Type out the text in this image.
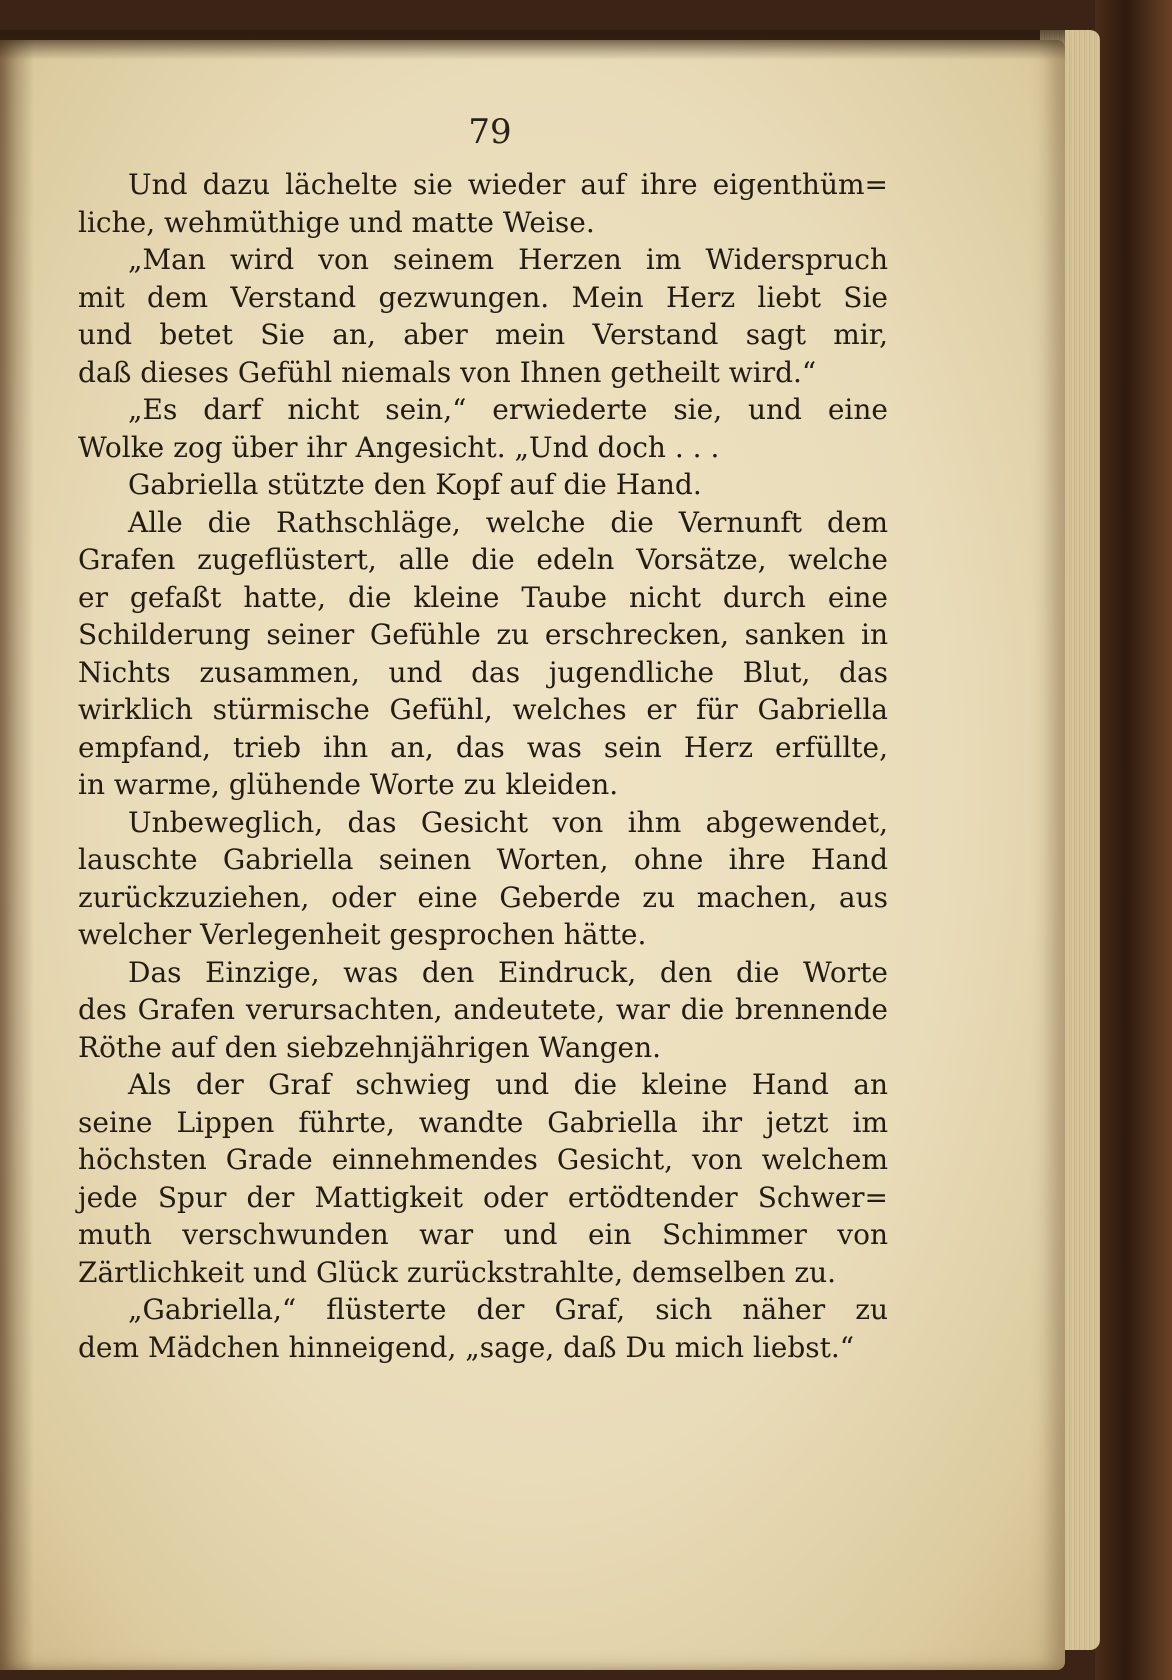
79
Und dazu lächelte sie wieder auf ihre eigenthüm=
liche, wehmüthige und matte Weise.
„Man wird von seinem Herzen im Widerspruch
mit dem Verstand gezwungen. Mein Herz liebt Sie
und betet Sie an, aber mein Verstand sagt mir,
daß dieses Gefühl niemals von Ihnen getheilt wird.“
„Es darf nicht sein,“ erwiederte sie, und eine
Wolke zog über ihr Angesicht. „Und doch . . .
Gabriella stützte den Kopf auf die Hand.
Alle die Rathschläge, welche die Vernunft dem
Grafen zugeflüstert, alle die edeln Vorsätze, welche
er gefaßt hatte, die kleine Taube nicht durch eine
Schilderung seiner Gefühle zu erschrecken, sanken in
Nichts zusammen, und das jugendliche Blut, das
wirklich stürmische Gefühl, welches er für Gabriella
empfand, trieb ihn an, das was sein Herz erfüllte,
in warme, glühende Worte zu kleiden.
Unbeweglich, das Gesicht von ihm abgewendet,
lauschte Gabriella seinen Worten, ohne ihre Hand
zurückzuziehen, oder eine Geberde zu machen, aus
welcher Verlegenheit gesprochen hätte.
Das Einzige, was den Eindruck, den die Worte
des Grafen verursachten, andeutete, war die brennende
Röthe auf den siebzehnjährigen Wangen.
Als der Graf schwieg und die kleine Hand an
seine Lippen führte, wandte Gabriella ihr jetzt im
höchsten Grade einnehmendes Gesicht, von welchem
jede Spur der Mattigkeit oder ertödtender Schwer=
muth verschwunden war und ein Schimmer von
Zärtlichkeit und Glück zurückstrahlte, demselben zu.
„Gabriella,“ flüsterte der Graf, sich näher zu
dem Mädchen hinneigend, „sage, daß Du mich liebst.“
